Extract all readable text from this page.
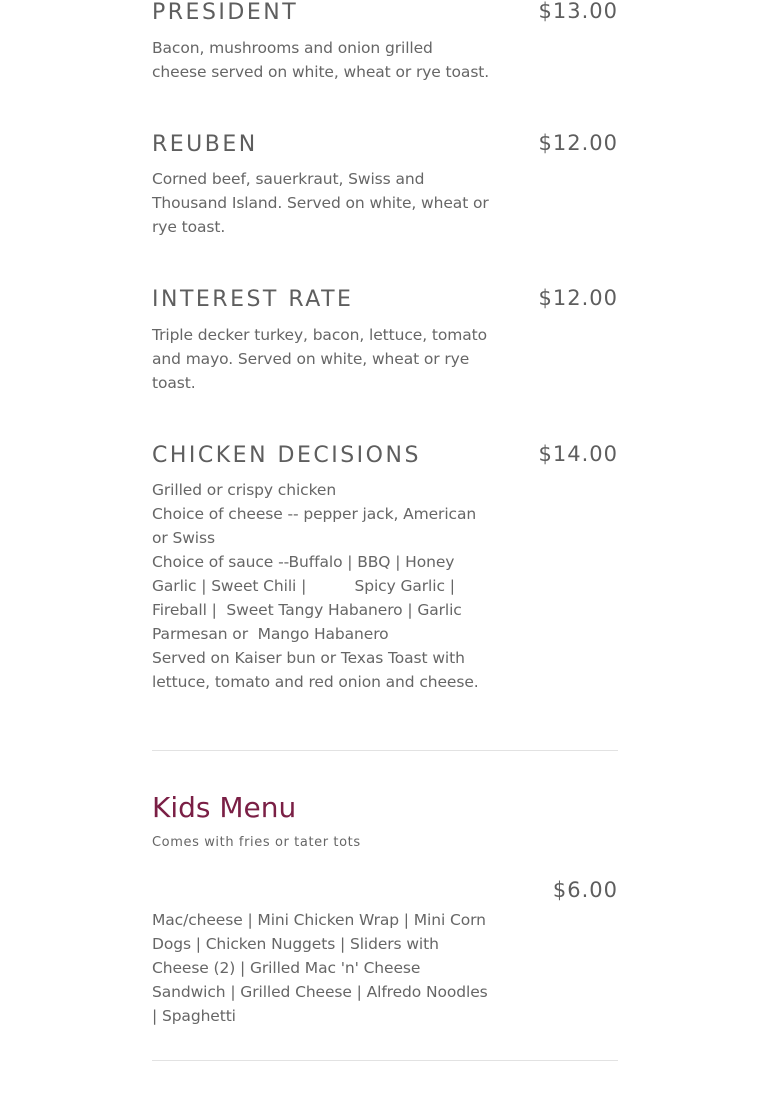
PRESIDENT	$13.00
Bacon, mushrooms and onion grilled cheese served on white, wheat or rye toast.
REUBEN	$12.00
Corned beef, sauerkraut, Swiss and Thousand Island. Served on white, wheat or rye toast.
INTEREST RATE	$12.00
Triple decker turkey, bacon, lettuce, tomato and mayo. Served on white, wheat or rye toast.
CHICKEN DECISIONS	$14.00
Grilled or crispy chicken
Choice of cheese -- pepper jack, American or Swiss
Choice of sauce --Buffalo | BBQ | Honey Garlic | Sweet Chili |          Spicy Garlic |  Fireball |  Sweet Tangy Habanero | Garlic Parmesan or  Mango Habanero
Served on Kaiser bun or Texas Toast with lettuce, tomato and red onion and cheese.
Kids Menu
Comes with fries or tater tots
$6.00
Mac/cheese | Mini Chicken Wrap | Mini Corn Dogs | Chicken Nuggets | Sliders with Cheese (2) | Grilled Mac 'n' Cheese Sandwich | Grilled Cheese | Alfredo Noodles | Spaghetti
